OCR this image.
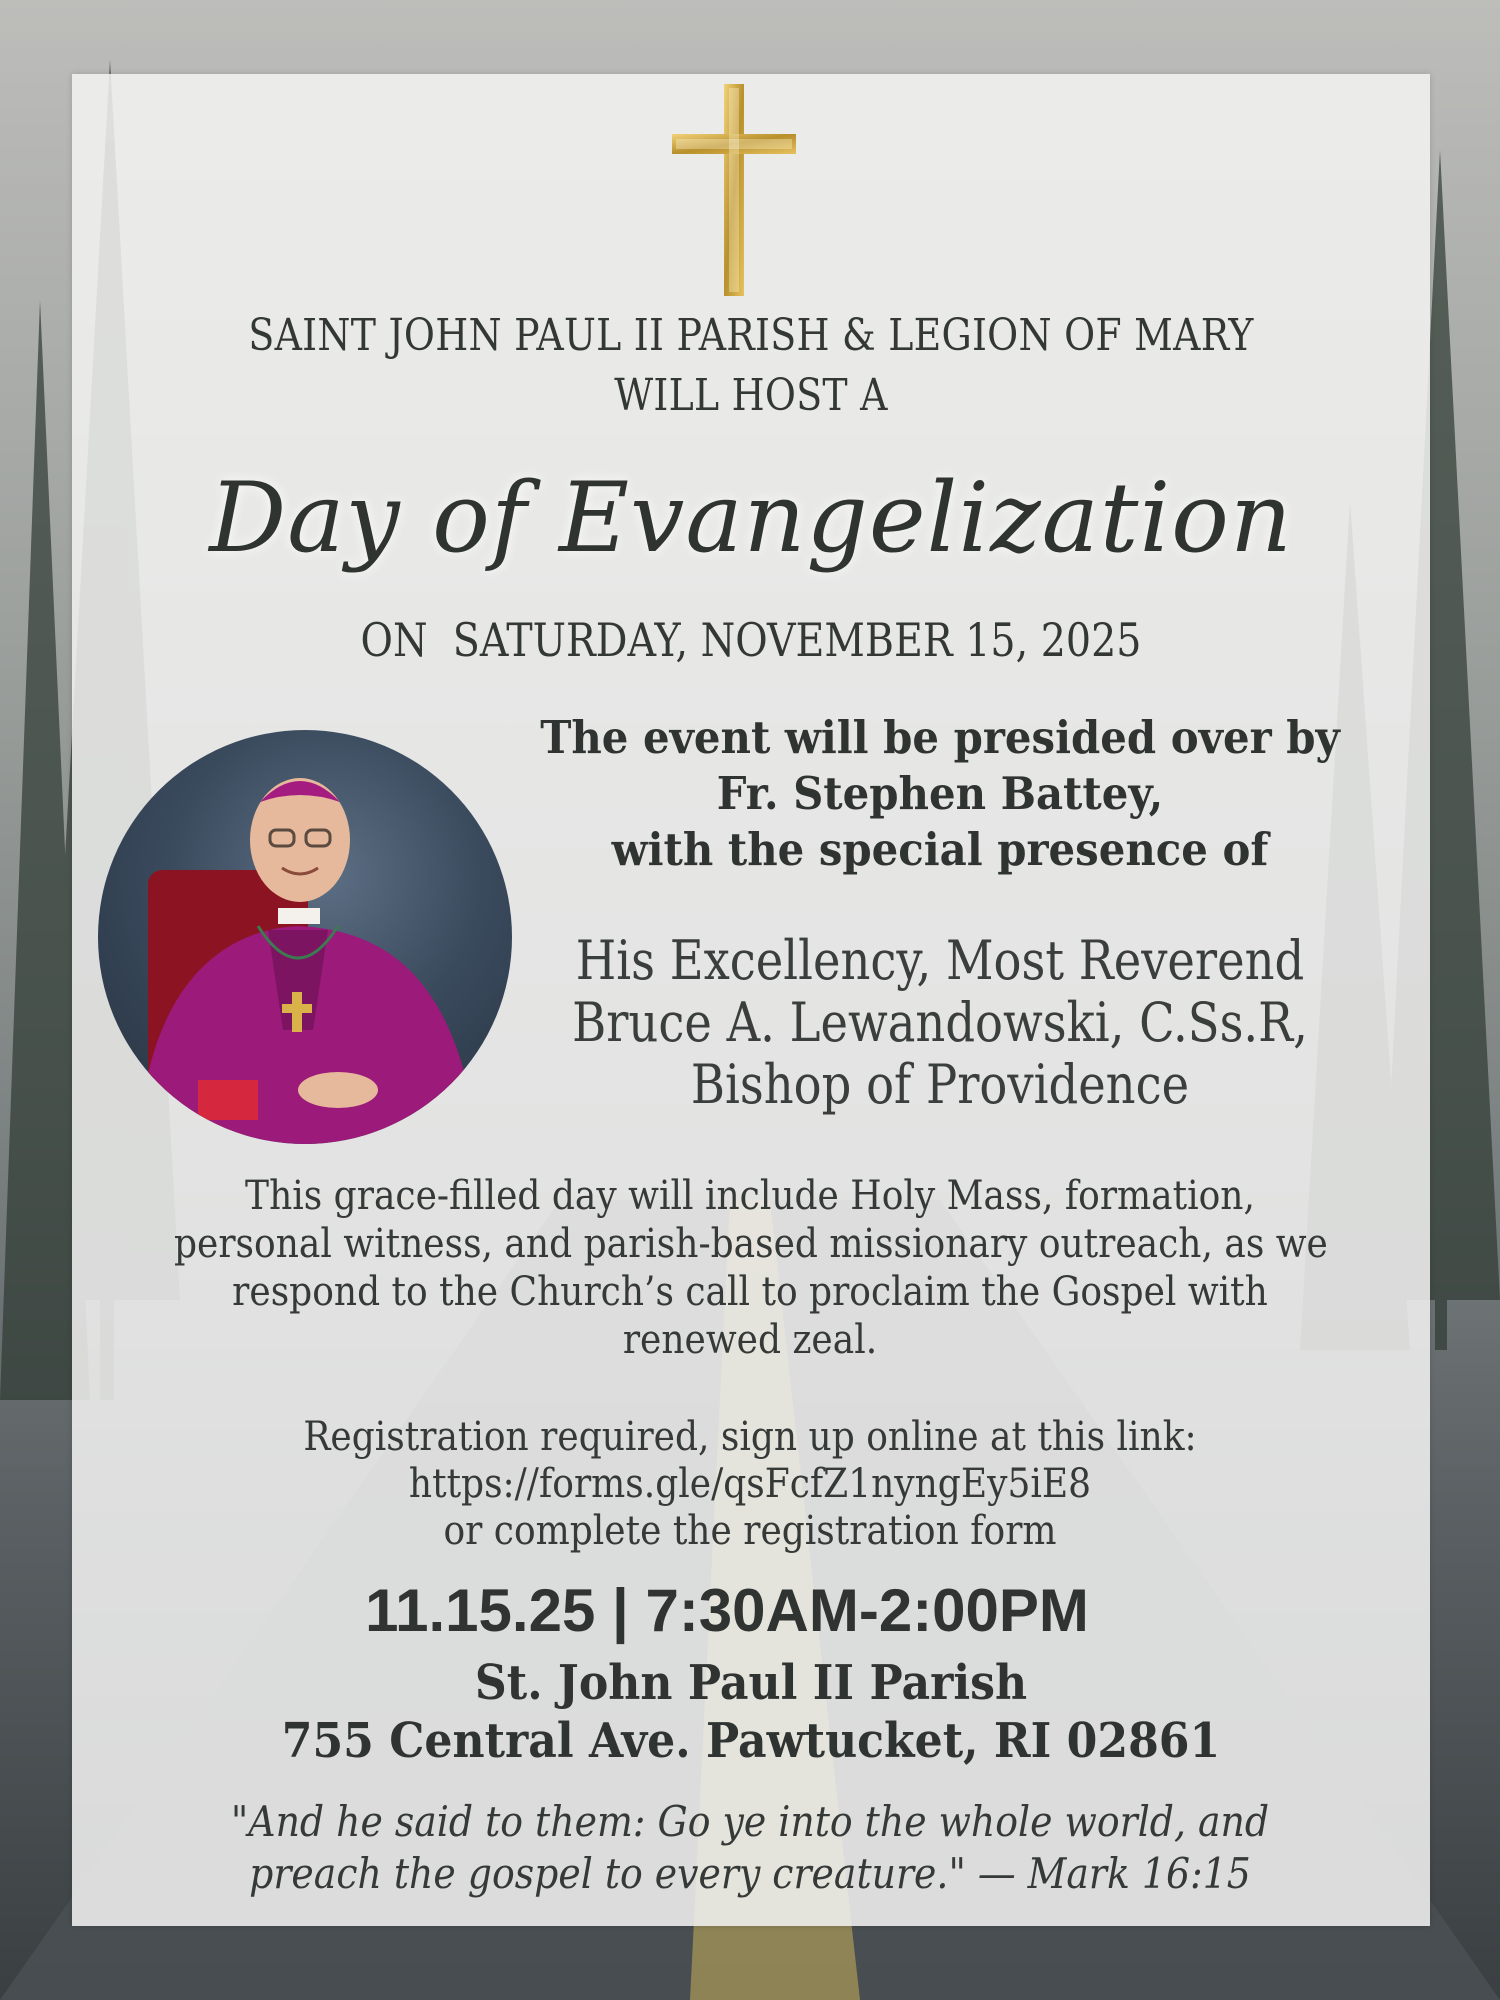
SAINT JOHN PAUL II PARISH & LEGION OF MARY
WILL HOST A
Day of Evangelization
ON  SATURDAY, NOVEMBER 15, 2025
The event will be presided over by
Fr. Stephen Battey,
with the special presence of
His Excellency, Most Reverend
Bruce A. Lewandowski, C.Ss.R,
Bishop of Providence
This grace-filled day will include Holy Mass, formation,
personal witness, and parish-based missionary outreach, as we
respond to the Church’s call to proclaim the Gospel with
renewed zeal.
Registration required, sign up online at this link:
https://forms.gle/qsFcfZ1nyngEy5iE8
or complete the registration form
11.15.25 | 7:30AM-2:00PM
St. John Paul II Parish
755 Central Ave. Pawtucket, RI 02861
"And he said to them: Go ye into the whole world, and
preach the gospel to every creature." — Mark 16:15
